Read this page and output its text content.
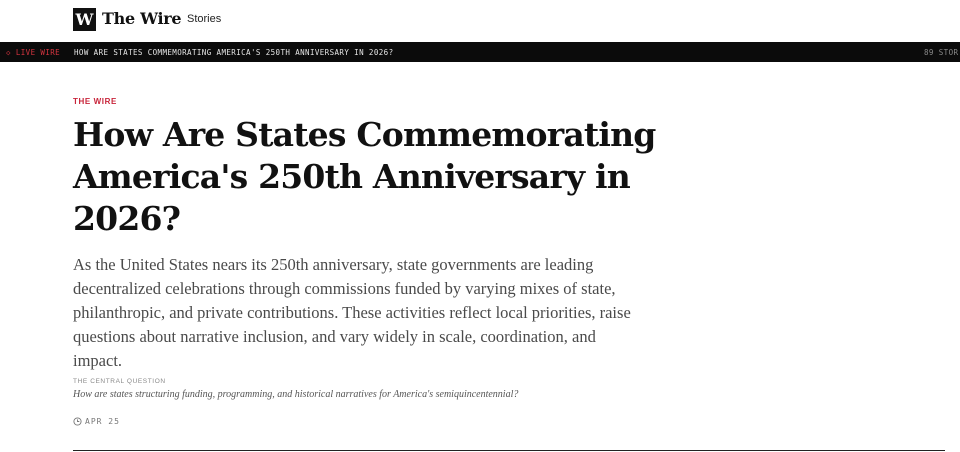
W The Wire Stories
◇ LIVE WIRE HOW ARE STATES COMMEMORATING AMERICA'S 250TH ANNIVERSARY IN 2026?	89 STOR
THE WIRE
How Are States Commemorating America's 250th Anniversary in 2026?

As the United States nears its 250th anniversary, state governments are leading decentralized celebrations through commissions funded by varying mixes of state, philanthropic, and private contributions. These activities reflect local priorities, raise questions about narrative inclusion, and vary widely in scale, coordination, and impact.

THE CENTRAL QUESTION
How are states structuring funding, programming, and historical narratives for America's semiquincentennial?
APR 25
